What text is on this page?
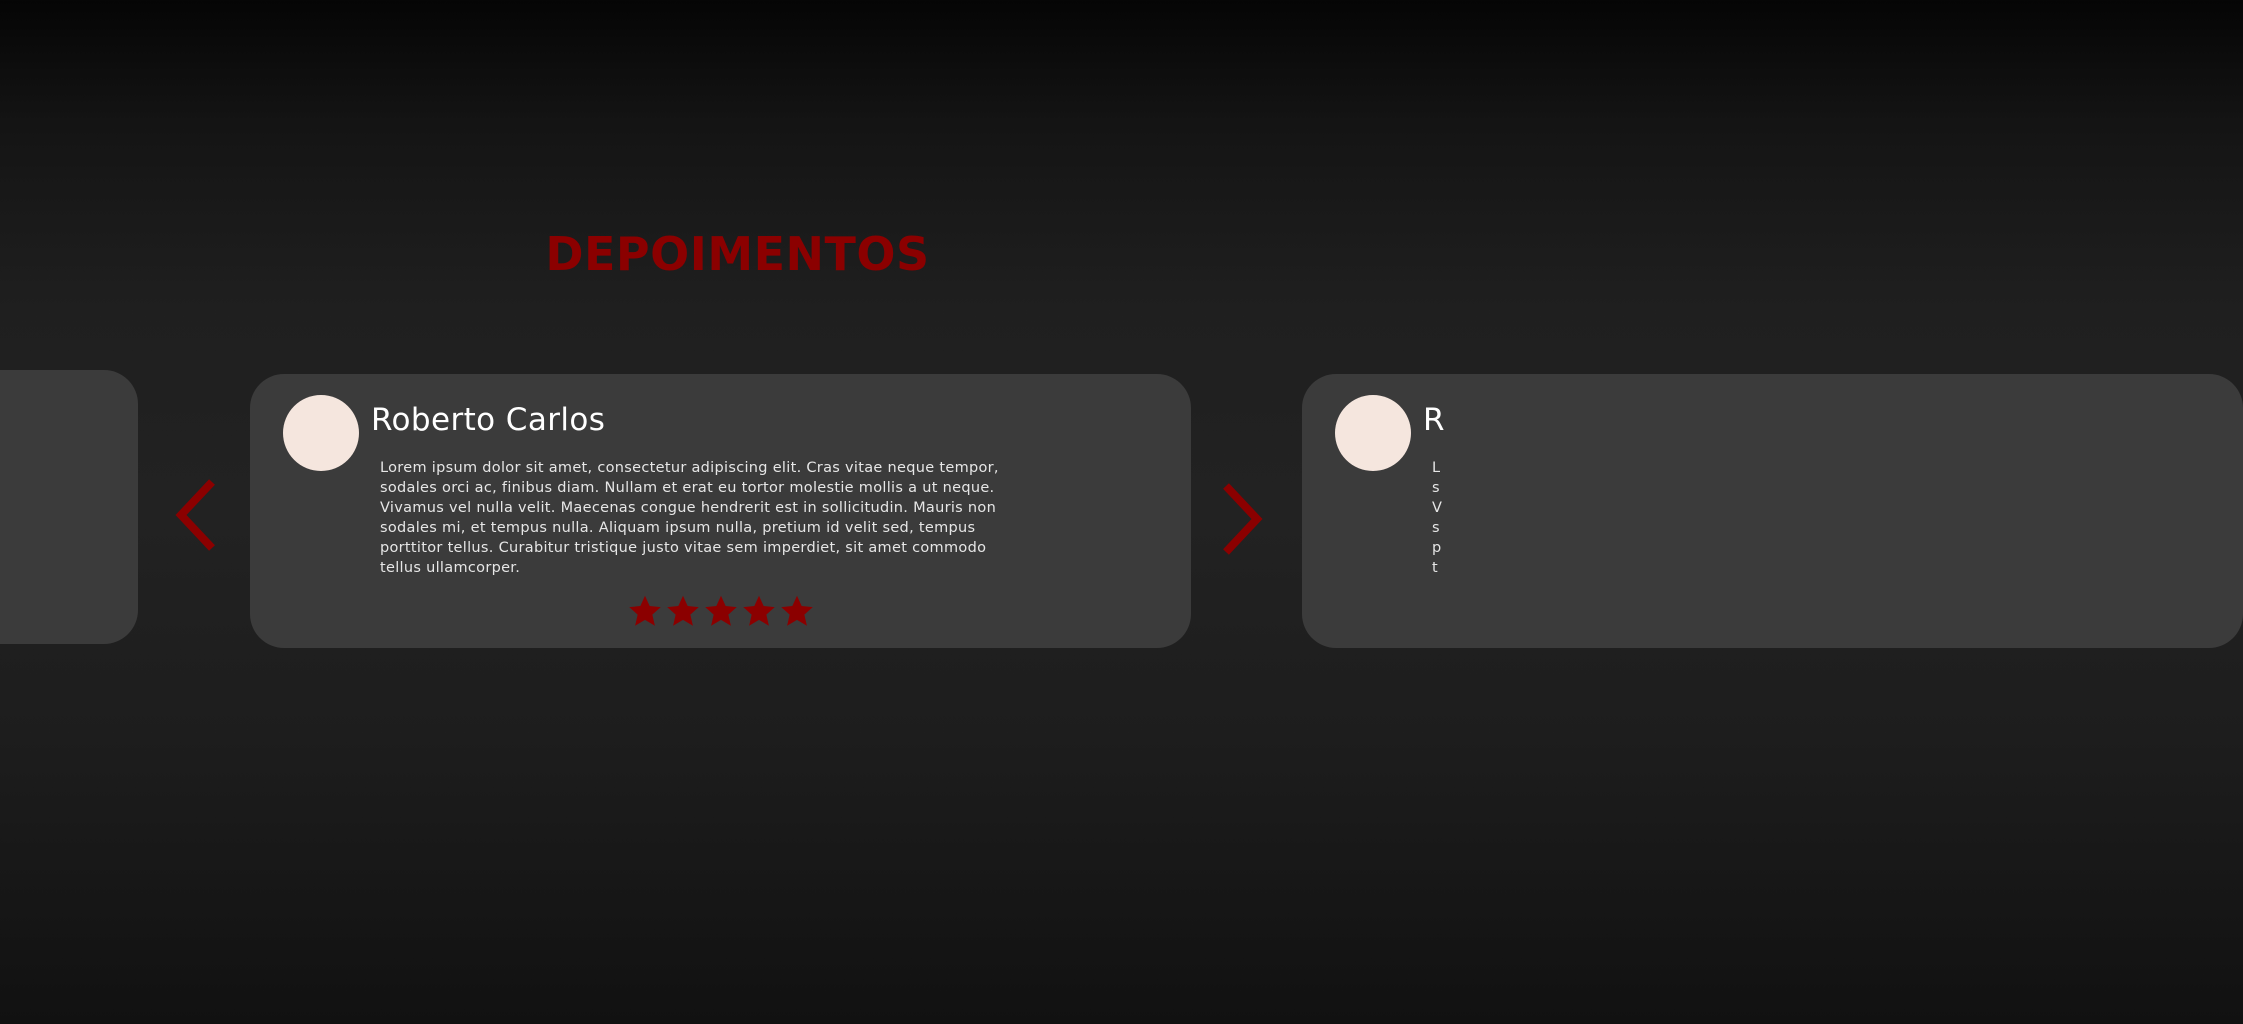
DEPOIMENTOS

Roberto Carlos

Lorem ipsum dolor sit amet, consectetur adipiscing elit. Cras vitae neque tempor,
sodales orci ac, finibus diam. Nullam et erat eu tortor molestie mollis a ut neque.
Vivamus vel nulla velit. Maecenas congue hendrerit est in sollicitudin. Mauris non
sodales mi, et tempus nulla. Aliquam ipsum nulla, pretium id velit sed, tempus
porttitor tellus. Curabitur tristique justo vitae sem imperdiet, sit amet commodo
tellus ullamcorper.

R

L
s
V
s
p
t
